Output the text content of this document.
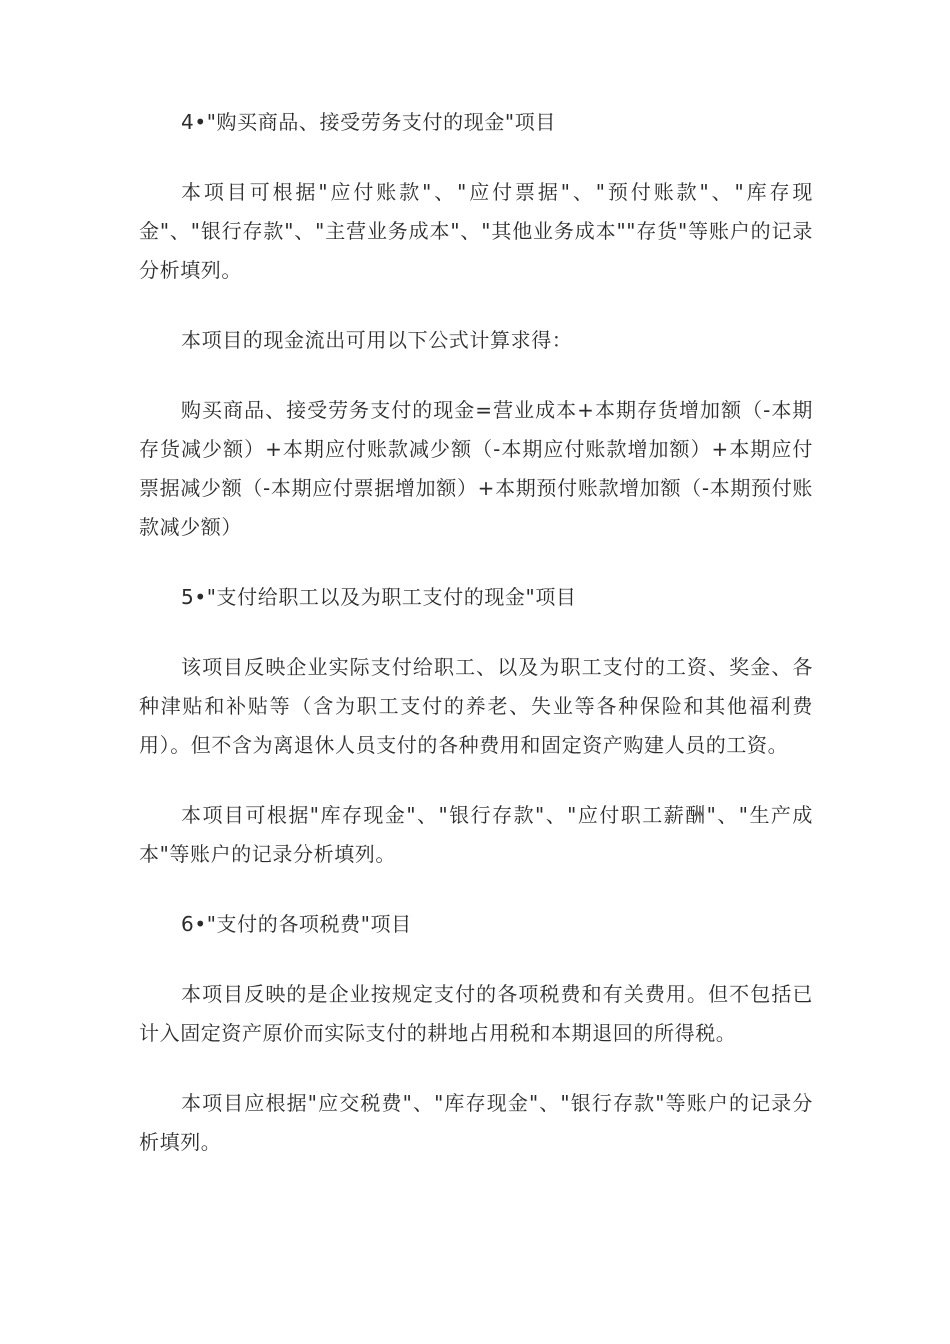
4•"购买商品、接受劳务支付的现金"项目

本项目可根据"应付账款"、"应付票据"、"预付账款"、"库存现金"、"银行存款"、"主营业务成本"、"其他业务成本""存货"等账户的记录分析填列。

本项目的现金流出可用以下公式计算求得：

购买商品、接受劳务支付的现金=营业成本+本期存货增加额（-本期存货减少额）+本期应付账款减少额（-本期应付账款增加额）+本期应付票据减少额（-本期应付票据增加额）+本期预付账款增加额（-本期预付账款减少额）

5•"支付给职工以及为职工支付的现金"项目

该项目反映企业实际支付给职工、以及为职工支付的工资、奖金、各种津贴和补贴等（含为职工支付的养老、失业等各种保险和其他福利费用）。但不含为离退休人员支付的各种费用和固定资产购建人员的工资。

本项目可根据"库存现金"、"银行存款"、"应付职工薪酬"、"生产成本"等账户的记录分析填列。

6•"支付的各项税费"项目

本项目反映的是企业按规定支付的各项税费和有关费用。但不包括已计入固定资产原价而实际支付的耕地占用税和本期退回的所得税。

本项目应根据"应交税费"、"库存现金"、"银行存款"等账户的记录分析填列。
